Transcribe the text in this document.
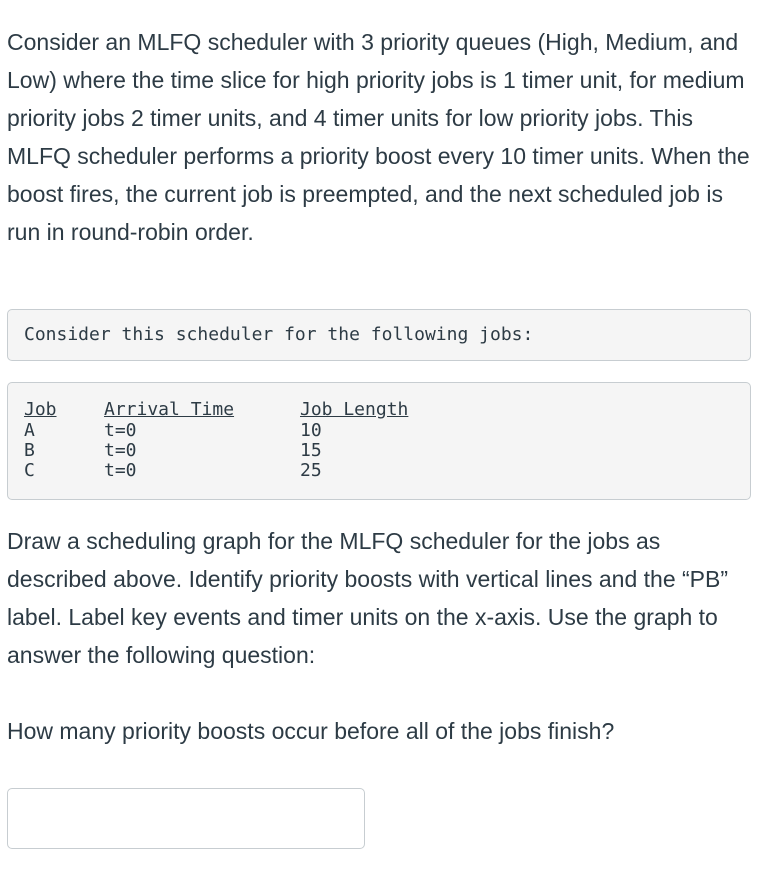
Consider an MLFQ scheduler with 3 priority queues (High, Medium, and Low) where the time slice for high priority jobs is 1 timer unit, for medium priority jobs 2 timer units, and 4 timer units for low priority jobs. This MLFQ scheduler performs a priority boost every 10 timer units. When the boost fires, the current job is preempted, and the next scheduled job is run in round-robin order.

Consider this scheduler for the following jobs:
Job	Arrival Time	Job Length
A	t=0	10
B	t=0	15
C	t=0	25

Draw a scheduling graph for the MLFQ scheduler for the jobs as described above. Identify priority boosts with vertical lines and the “PB” label. Label key events and timer units on the x-axis. Use the graph to answer the following question:

How many priority boosts occur before all of the jobs finish?
